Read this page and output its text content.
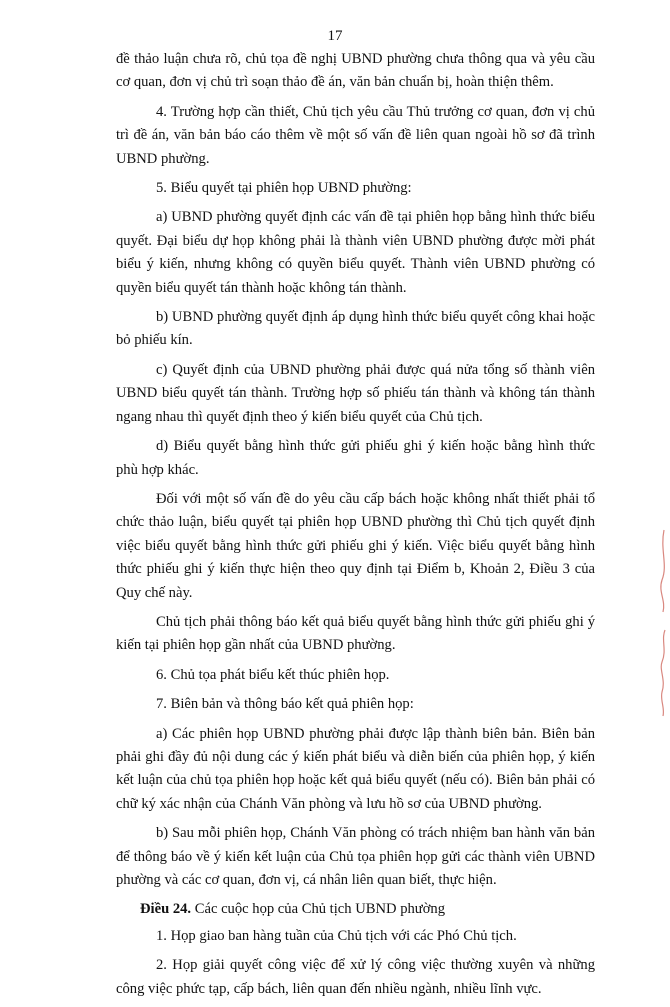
17

đề thảo luận chưa rõ, chủ tọa đề nghị UBND phường chưa thông qua và yêu cầu cơ quan, đơn vị chủ trì soạn thảo đề án, văn bản chuẩn bị, hoàn thiện thêm.

4. Trường hợp cần thiết, Chủ tịch yêu cầu Thủ trưởng cơ quan, đơn vị chủ trì đề án, văn bản báo cáo thêm về một số vấn đề liên quan ngoài hồ sơ đã trình UBND phường.

5. Biểu quyết tại phiên họp UBND phường:

a) UBND phường quyết định các vấn đề tại phiên họp bằng hình thức biểu quyết. Đại biểu dự họp không phải là thành viên UBND phường được mời phát biểu ý kiến, nhưng không có quyền biểu quyết. Thành viên UBND phường có quyền biểu quyết tán thành hoặc không tán thành.

b) UBND phường quyết định áp dụng hình thức biểu quyết công khai hoặc bỏ phiếu kín.

c) Quyết định của UBND phường phải được quá nửa tổng số thành viên UBND biểu quyết tán thành. Trường hợp số phiếu tán thành và không tán thành ngang nhau thì quyết định theo ý kiến biểu quyết của Chủ tịch.

d) Biểu quyết bằng hình thức gửi phiếu ghi ý kiến hoặc bằng hình thức phù hợp khác.

Đối với một số vấn đề do yêu cầu cấp bách hoặc không nhất thiết phải tổ chức thảo luận, biểu quyết tại phiên họp UBND phường thì Chủ tịch quyết định việc biểu quyết bằng hình thức gửi phiếu ghi ý kiến. Việc biểu quyết bằng hình thức phiếu ghi ý kiến thực hiện theo quy định tại Điểm b, Khoản 2, Điều 3 của Quy chế này.

Chủ tịch phải thông báo kết quả biểu quyết bằng hình thức gửi phiếu ghi ý kiến tại phiên họp gần nhất của UBND phường.

6. Chủ tọa phát biểu kết thúc phiên họp.

7. Biên bản và thông báo kết quả phiên họp:

a) Các phiên họp UBND phường phải được lập thành biên bản. Biên bản phải ghi đầy đủ nội dung các ý kiến phát biểu và diễn biến của phiên họp, ý kiến kết luận của chủ tọa phiên họp hoặc kết quả biểu quyết (nếu có). Biên bản phải có chữ ký xác nhận của Chánh Văn phòng và lưu hồ sơ của UBND phường.

b) Sau mỗi phiên họp, Chánh Văn phòng có trách nhiệm ban hành văn bản để thông báo về ý kiến kết luận của Chủ tọa phiên họp gửi các thành viên UBND phường và các cơ quan, đơn vị, cá nhân liên quan biết, thực hiện.

Điều 24. Các cuộc họp của Chủ tịch UBND phường

1. Họp giao ban hàng tuần của Chủ tịch với các Phó Chủ tịch.

2. Họp giải quyết công việc để xử lý công việc thường xuyên và những công việc phức tạp, cấp bách, liên quan đến nhiều ngành, nhiều lĩnh vực.
